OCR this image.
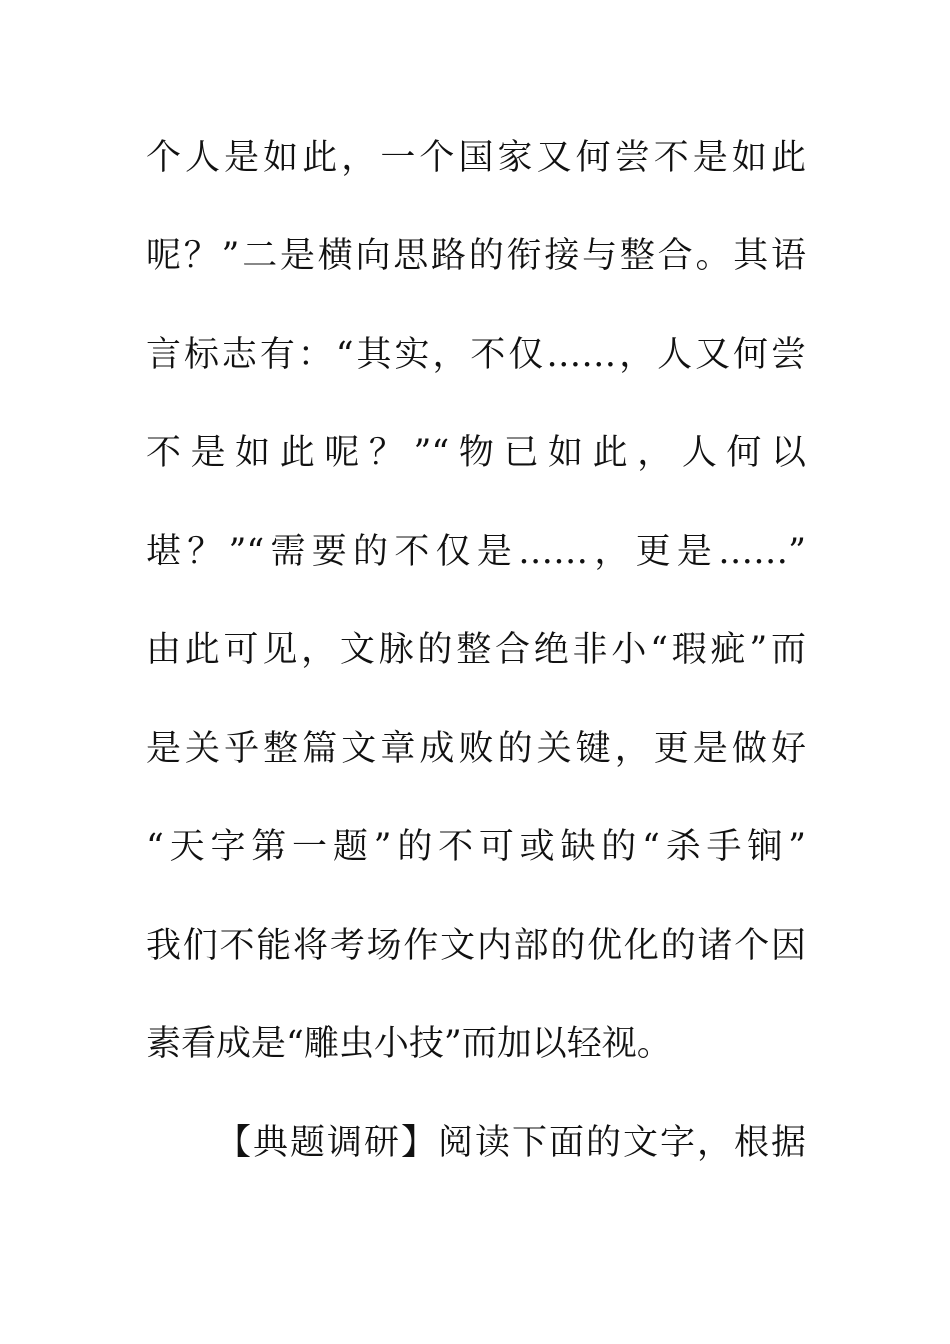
个人是如此，一个国家又何尝不是如此
呢？”二是横向思路的衔接与整合。其语
言标志有：“其实，不仅……，人又何尝
不是如此呢？”“物已如此，人何以
堪？”“需要的不仅是……，更是……”
由此可见，文脉的整合绝非小“瑕疵”而
是关乎整篇文章成败的关键，更是做好
“天字第一题”的不可或缺的“杀手锏”
我们不能将考场作文内部的优化的诸个因
素看成是“雕虫小技”而加以轻视。
【典题调研】阅读下面的文字，根据
